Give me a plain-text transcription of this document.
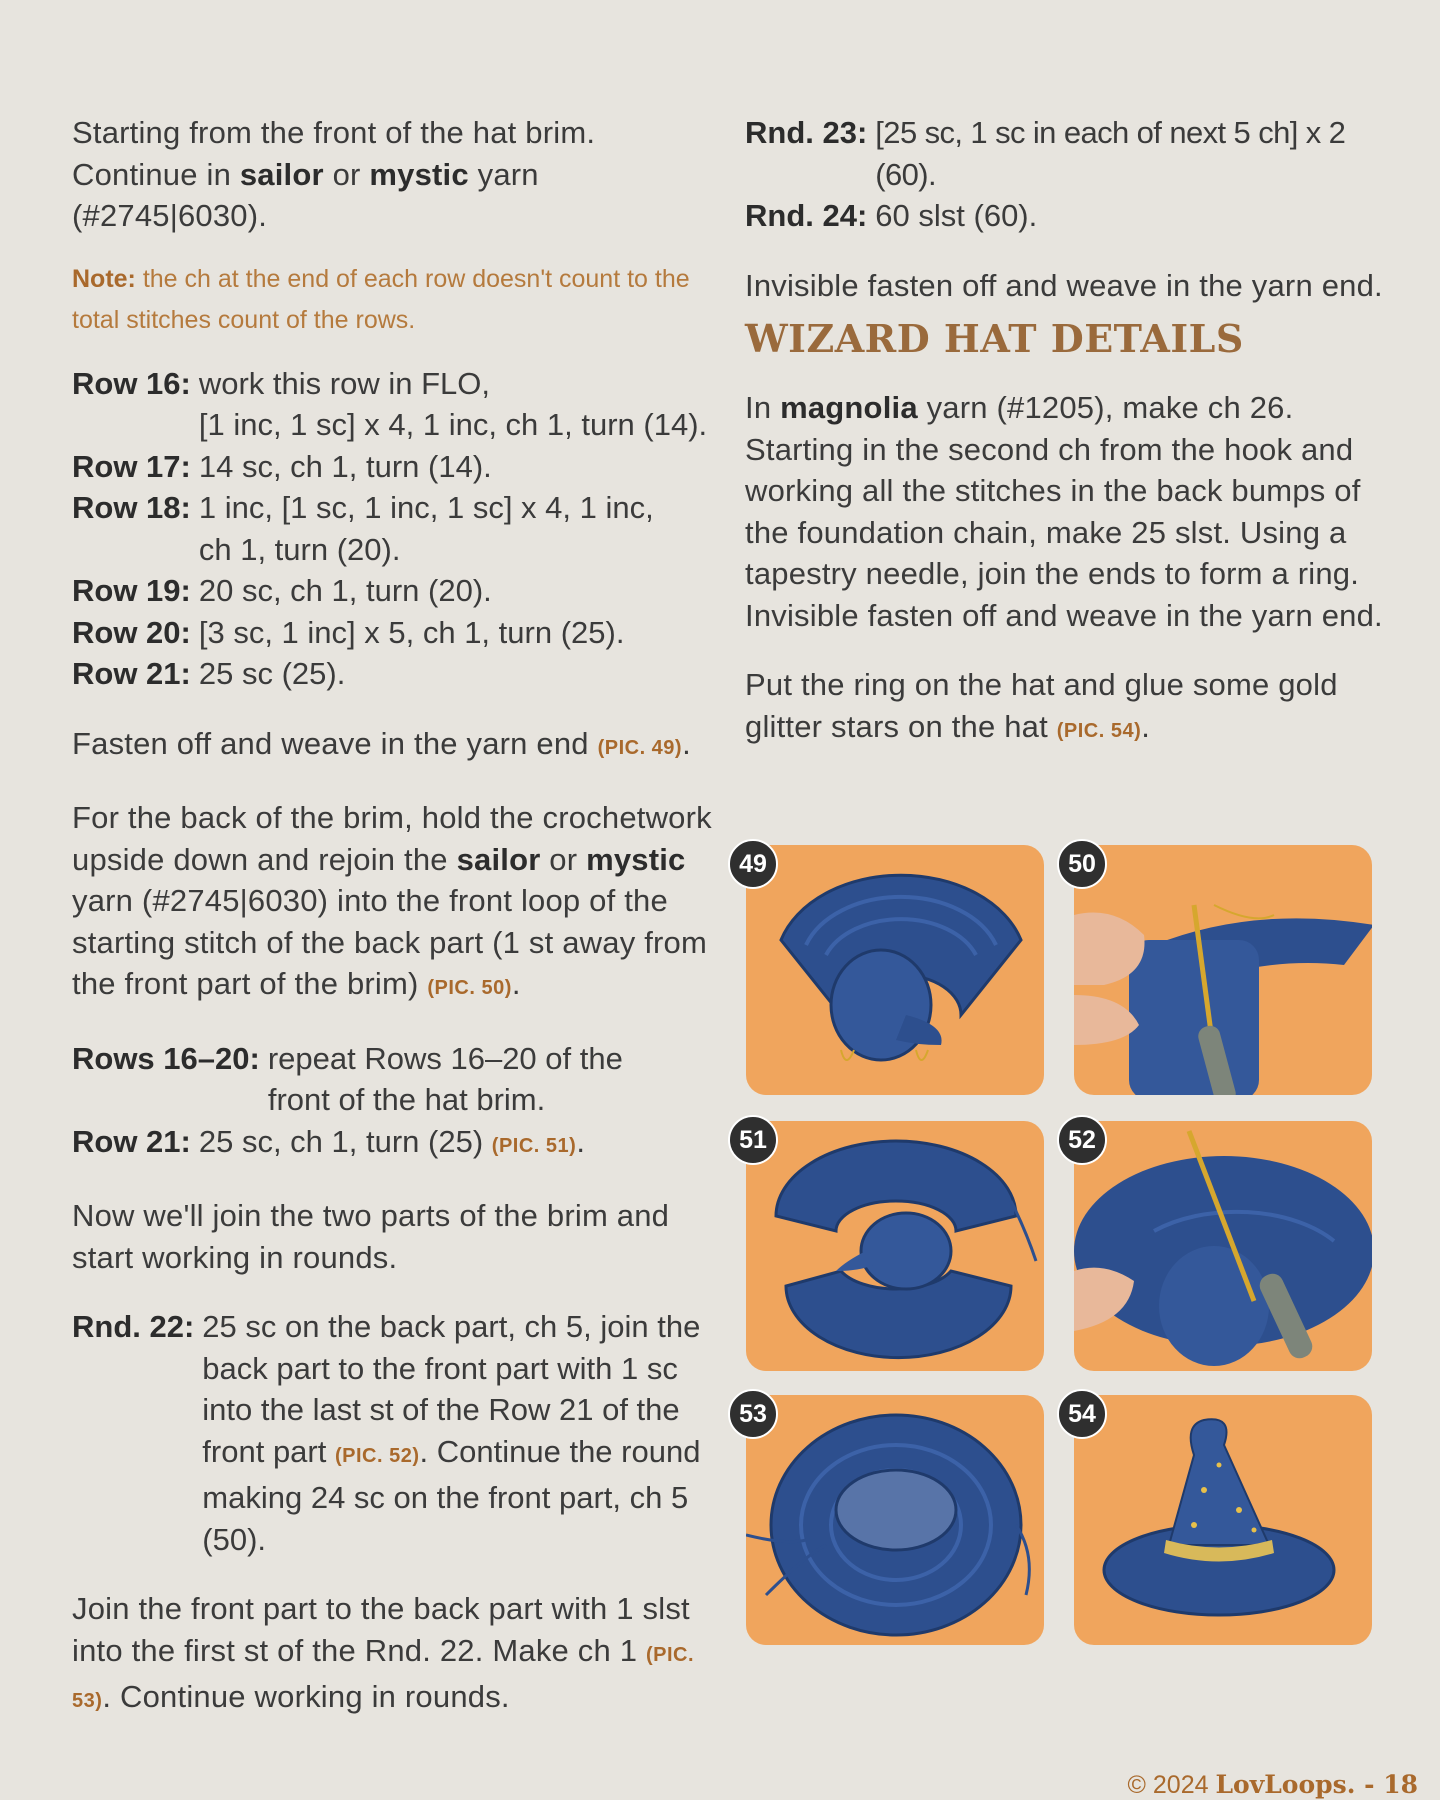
Starting from the front of the hat brim.
Continue in sailor or mystic yarn (#2745|6030).

Note: the ch at the end of each row doesn't count to the total stitches count of the rows.

Row 16: work this row in FLO,
[1 inc, 1 sc] x 4, 1 inc, ch 1, turn (14).
Row 17: 14 sc, ch 1, turn (14).
Row 18: 1 inc, [1 sc, 1 inc, 1 sc] x 4, 1 inc,
ch 1, turn (20).
Row 19: 20 sc, ch 1, turn (20).
Row 20: [3 sc, 1 inc] x 5, ch 1, turn (25).
Row 21: 25 sc (25).

Fasten off and weave in the yarn end (PIC. 49).

For the back of the brim, hold the crochetwork upside down and rejoin the sailor or mystic yarn (#2745|6030) into the front loop of the starting stitch of the back part (1 st away from the front part of the brim) (PIC. 50).

Rows 16–20: repeat Rows 16–20 of the
front of the hat brim.
Row 21: 25 sc, ch 1, turn (25) (PIC. 51).

Now we'll join the two parts of the brim and start working in rounds.

Rnd. 22: 25 sc on the back part, ch 5, join the back part to the front part with 1 sc into the last st of the Row 21 of the front part (PIC. 52). Continue the round making 24 sc on the front part, ch 5 (50).

Join the front part to the back part with 1 slst into the first st of the Rnd. 22. Make ch 1 (PIC. 53). Continue working in rounds.

Rnd. 23: [25 sc, 1 sc in each of next 5 ch] x 2 (60).
Rnd. 24: 60 slst (60).

Invisible fasten off and weave in the yarn end.

WIZARD HAT DETAILS

In magnolia yarn (#1205), make ch 26. Starting in the second ch from the hook and working all the stitches in the back bumps of the foundation chain, make 25 slst. Using a tapestry needle, join the ends to form a ring. Invisible fasten off and weave in the yarn end.

Put the ring on the hat and glue some gold glitter stars on the hat (PIC. 54).

49	50
51	52
53	54
© 2024 LovLoops. - 18
